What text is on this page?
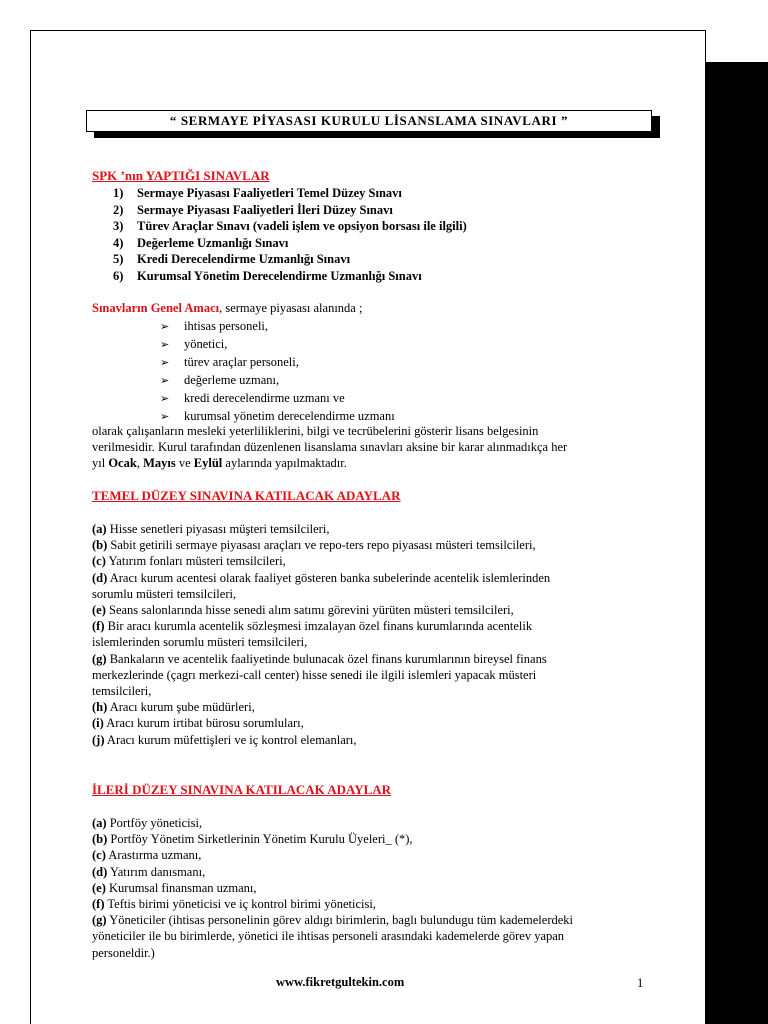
“ SERMAYE PİYASASI KURULU LİSANSLAMA SINAVLARI ”
SPK ’nın YAPTIĞI SINAVLAR
1) Sermaye Piyasası Faaliyetleri Temel Düzey Sınavı
2) Sermaye Piyasası Faaliyetleri İleri Düzey Sınavı
3) Türev Araçlar Sınavı (vadeli işlem ve opsiyon borsası ile ilgili)
4) Değerleme Uzmanlığı Sınavı
5) Kredi Derecelendirme Uzmanlığı Sınavı
6) Kurumsal Yönetim Derecelendirme Uzmanlığı Sınavı
Sınavların Genel Amacı, sermaye piyasası alanında ;
➢ ihtisas personeli,
➢ yönetici,
➢ türev araçlar personeli,
➢ değerleme uzmanı,
➢ kredi derecelendirme uzmanı ve
➢ kurumsal yönetim derecelendirme uzmanı
olarak çalışanların mesleki yeterliliklerini, bilgi ve tecrübelerini gösterir lisans belgesinin
verilmesidir. Kurul tarafından düzenlenen lisanslama sınavları aksine bir karar alınmadıkça her
yıl Ocak, Mayıs ve Eylül aylarında yapılmaktadır.
TEMEL DÜZEY SINAVINA KATILACAK ADAYLAR
(a) Hisse senetleri piyasası müşteri temsilcileri,
(b) Sabit getirili sermaye piyasası araçları ve repo-ters repo piyasası müsteri temsilcileri,
(c) Yatırım fonları müsteri temsilcileri,
(d) Aracı kurum acentesi olarak faaliyet gösteren banka subelerinde acentelik islemlerinden
sorumlu müsteri temsilcileri,
(e) Seans salonlarında hisse senedi alım satımı görevini yürüten müsteri temsilcileri,
(f) Bir aracı kurumla acentelik sözleşmesi imzalayan özel finans kurumlarında acentelik
islemlerinden sorumlu müsteri temsilcileri,
(g) Bankaların ve acentelik faaliyetinde bulunacak özel finans kurumlarının bireysel finans
merkezlerinde (çagrı merkezi-call center) hisse senedi ile ilgili islemleri yapacak müsteri
temsilcileri,
(h) Aracı kurum şube müdürleri,
(i) Aracı kurum irtibat bürosu sorumluları,
(j) Aracı kurum müfettişleri ve iç kontrol elemanları,
İLERİ DÜZEY SINAVINA KATILACAK ADAYLAR
(a) Portföy yöneticisi,
(b) Portföy Yönetim Sirketlerinin Yönetim Kurulu Üyeleri_ (*),
(c) Arastırma uzmanı,
(d) Yatırım danısmanı,
(e) Kurumsal finansman uzmanı,
(f) Teftis birimi yöneticisi ve iç kontrol birimi yöneticisi,
(g) Yöneticiler (ihtisas personelinin görev aldıgı birimlerin, baglı bulundugu tüm kademelerdeki
yöneticiler ile bu birimlerde, yönetici ile ihtisas personeli arasındaki kademelerde görev yapan
personeldir.)
www.fikretgultekin.com	1
